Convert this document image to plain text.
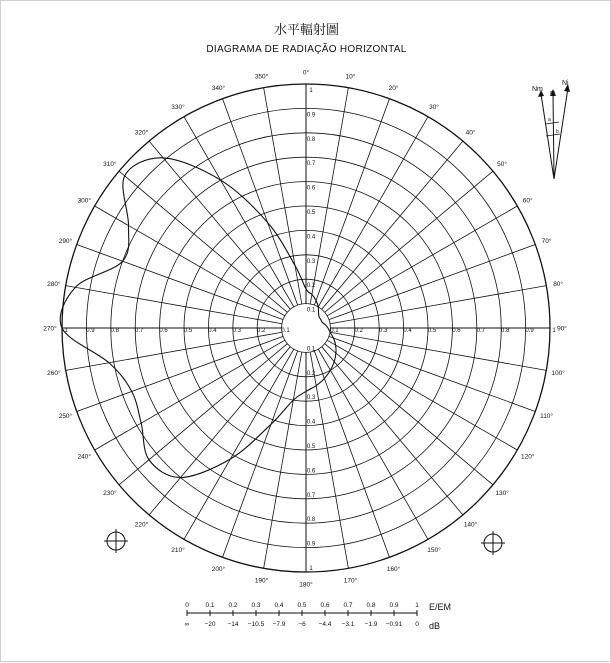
水平輻射圖
DIAGRAMA DE RADIAÇÃO HORIZONTAL
0.1
0.1
0.1
0.1
0.2
0.2
0.2
0.2
0.3
0.3
0.3
0.3
0.4
0.4
0.4
0.4
0.5
0.5
0.5
0.5
0.6
0.6
0.6
0.6
0.7
0.7
0.7
0.7
0.8
0.8
0.8
0.8
0.9
0.9
0.9
0.9
1
1
1
1
0°
10°
20°
30°
40°
50°
60°
70°
80°
90°
100°
110°
120°
130°
140°
150°
160°
170°
180°
190°
200°
210°
220°
230°
240°
250°
260°
270°
280°
290°
300°
310°
320°
330°
340°
350°
Nm
N
Ni
a
b
0
∞
0.1
−20
0.2
−14
0.3
−10.5
0.4
−7.9
0.5
−6
0.6
−4.4
0.7
−3.1
0.8
−1.9
0.9
−0.91
1
0
E/EM
dB
